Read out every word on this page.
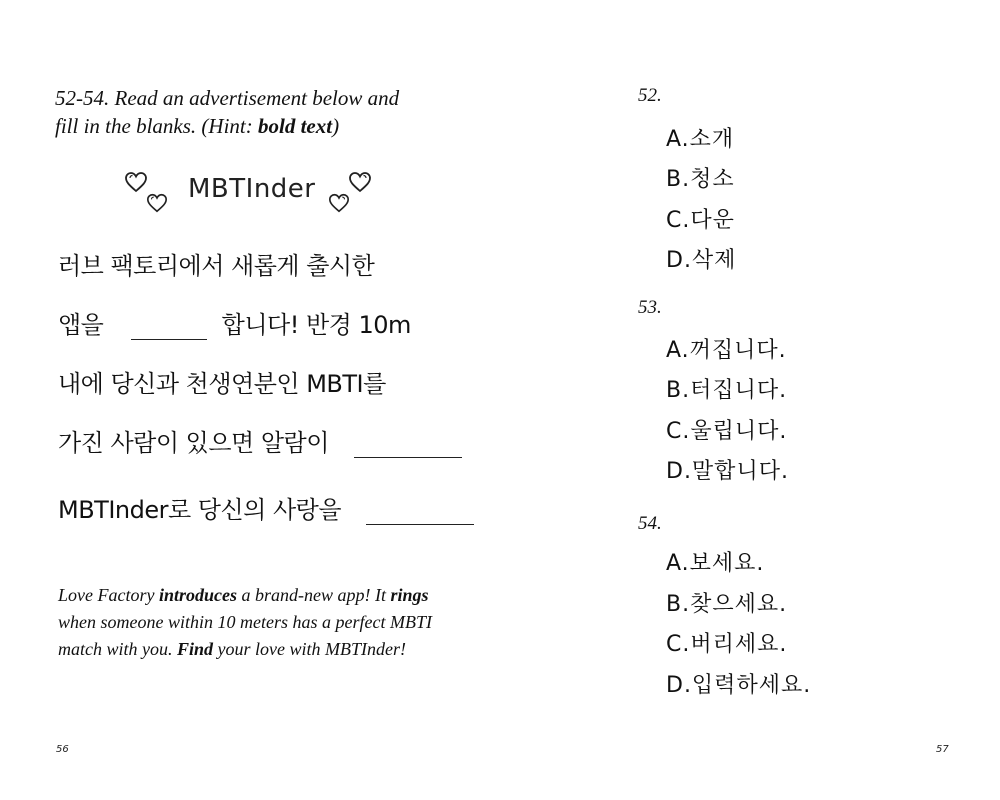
52-54. Read an advertisement below and
fill in the blanks. (Hint: bold text)
MBTInder
러브 팩토리에서 새롭게 출시한
앱을	합니다! 반경 10m
내에 당신과 천생연분인 MBTI를
가진 사람이 있으면 알람이
MBTInder로 당신의 사랑을
Love Factory introduces a brand-new app! It rings when someone within 10 meters has a perfect MBTI match with you. Find your love with MBTInder!
56
52.
A.소개
B.청소
C.다운
D.삭제
53.
A.꺼집니다.
B.터집니다.
C.울립니다.
D.말합니다.
54.
A.보세요.
B.찾으세요.
C.버리세요.
D.입력하세요.
57
